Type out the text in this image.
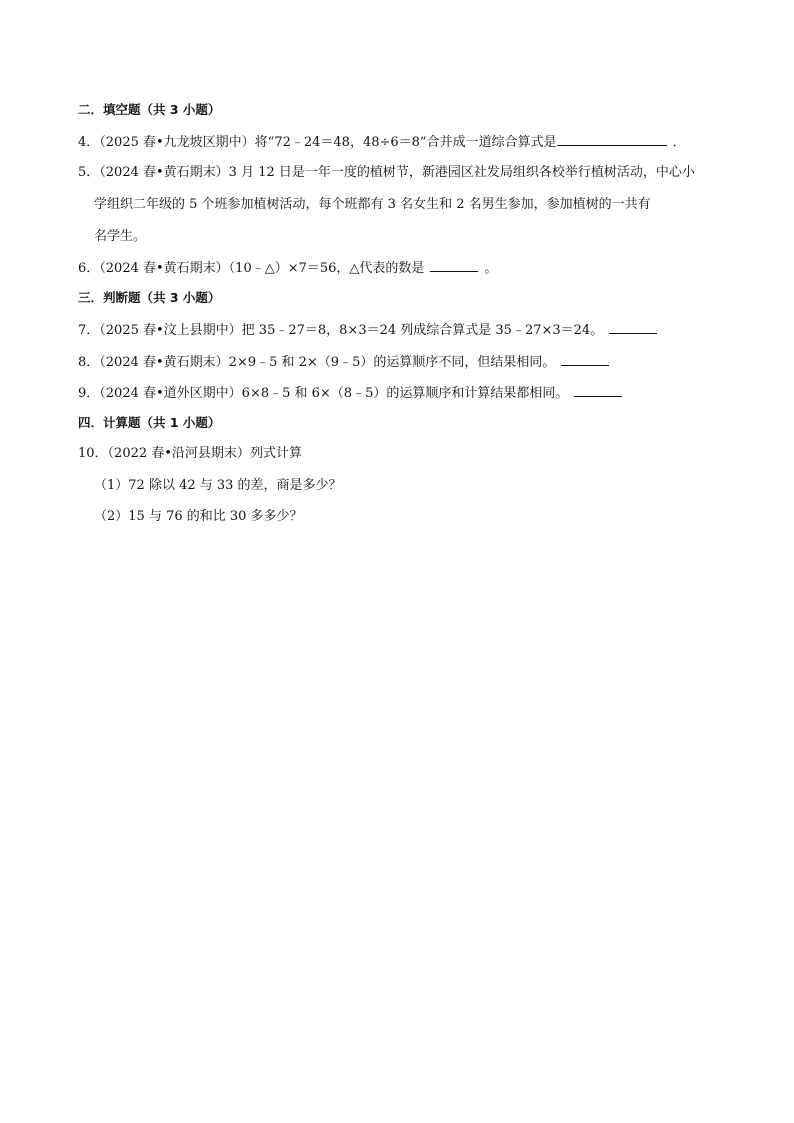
二．填空题（共 3 小题）
4．（2025 春•九龙坡区期中）将“72﹣24＝48，48÷6＝8”合并成一道综合算式是	．
5．（2024 春•黄石期末）3 月 12 日是一年一度的植树节，新港园区社发局组织各校举行植树活动，中心小
学组织二年级的 5 个班参加植树活动，每个班都有 3 名女生和 2 名男生参加，参加植树的一共有
名学生。
6．（2024 春•黄石期末）（10﹣△）×7＝56，△代表的数是	。
三．判断题（共 3 小题）
7．（2025 春•汶上县期中）把 35﹣27＝8，8×3＝24 列成综合算式是 35﹣27×3＝24。
8．（2024 春•黄石期末）2×9﹣5 和 2×（9﹣5）的运算顺序不同，但结果相同。
9．（2024 春•道外区期中）6×8﹣5 和 6×（8﹣5）的运算顺序和计算结果都相同。
四．计算题（共 1 小题）
10．（2022 春•沿河县期末）列式计算
（1）72 除以 42 与 33 的差，商是多少？
（2）15 与 76 的和比 30 多多少？
